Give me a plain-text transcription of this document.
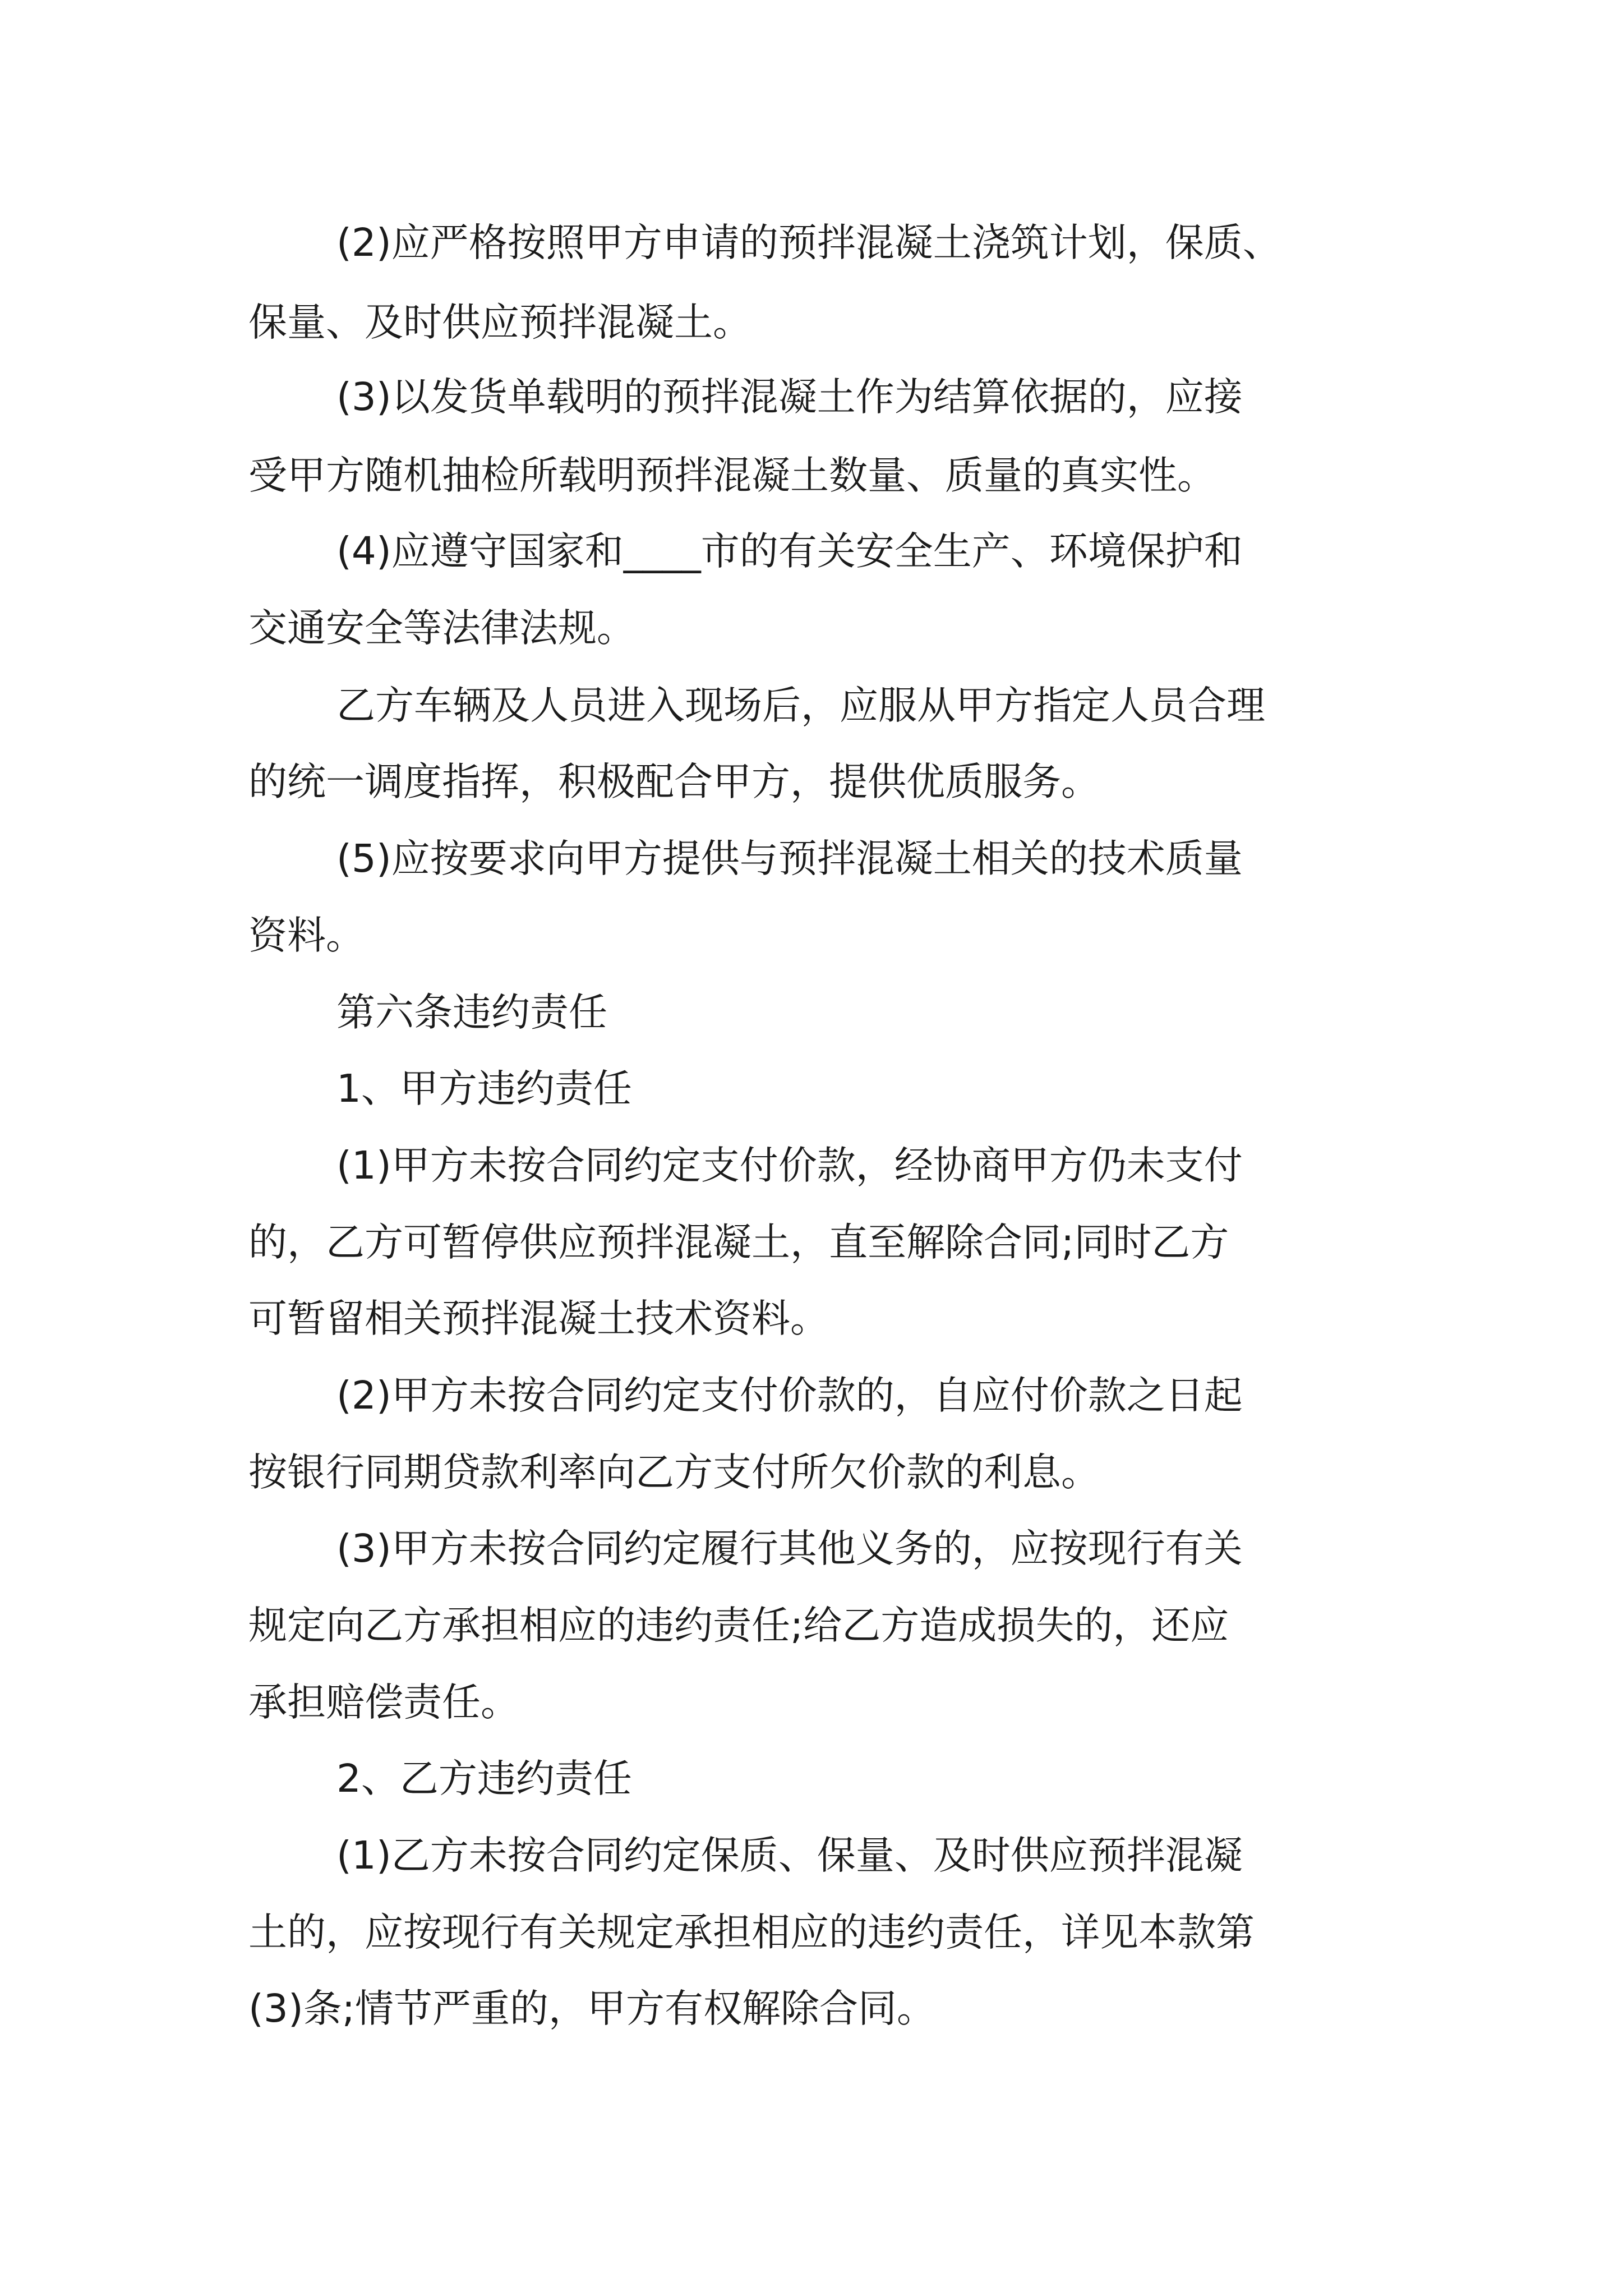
(2)应严格按照甲方申请的预拌混凝土浇筑计划，保质、

保量、及时供应预拌混凝土。

(3)以发货单载明的预拌混凝土作为结算依据的，应接

受甲方随机抽检所载明预拌混凝土数量、质量的真实性。

(4)应遵守国家和____市的有关安全生产、环境保护和

交通安全等法律法规。

乙方车辆及人员进入现场后，应服从甲方指定人员合理

的统一调度指挥，积极配合甲方，提供优质服务。

(5)应按要求向甲方提供与预拌混凝土相关的技术质量

资料。

第六条违约责任

1、甲方违约责任

(1)甲方未按合同约定支付价款，经协商甲方仍未支付

的，乙方可暂停供应预拌混凝土，直至解除合同;同时乙方

可暂留相关预拌混凝土技术资料。

(2)甲方未按合同约定支付价款的，自应付价款之日起

按银行同期贷款利率向乙方支付所欠价款的利息。

(3)甲方未按合同约定履行其他义务的，应按现行有关

规定向乙方承担相应的违约责任;给乙方造成损失的，还应

承担赔偿责任。

2、乙方违约责任

(1)乙方未按合同约定保质、保量、及时供应预拌混凝

土的，应按现行有关规定承担相应的违约责任，详见本款第

(3)条;情节严重的，甲方有权解除合同。
